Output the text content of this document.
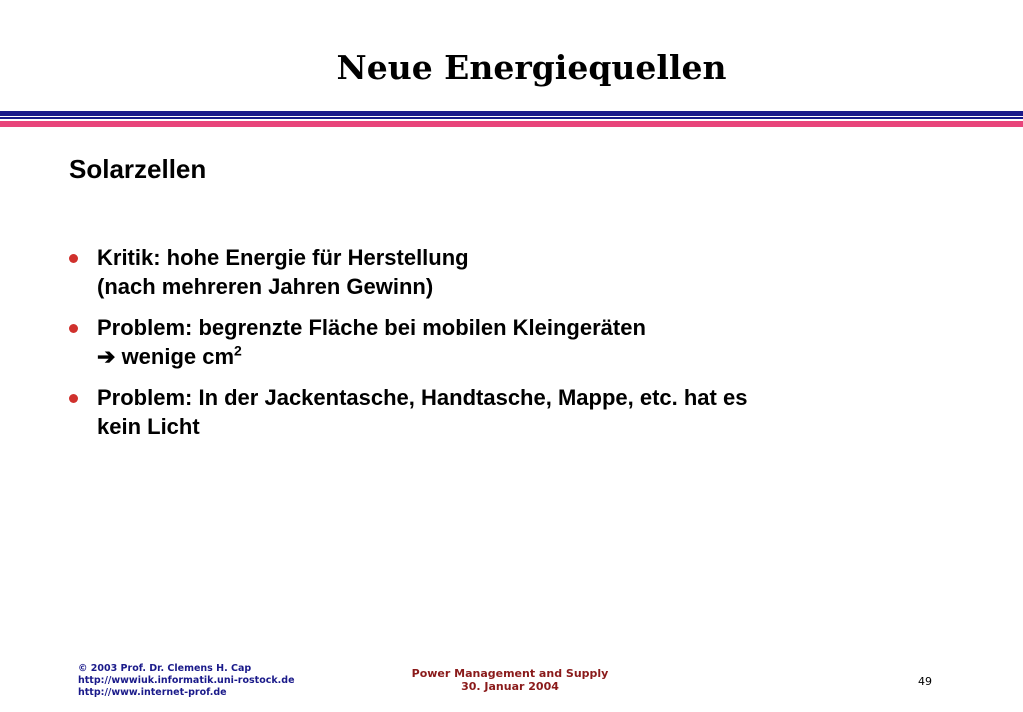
Neue Energiequellen
Solarzellen
Kritik: hohe Energie für Herstellung
(nach mehreren Jahren Gewinn)
Problem: begrenzte Fläche bei mobilen Kleingeräten
➔ wenige $cm^2$
Problem: In der Jackentasche, Handtasche, Mappe, etc. hat es
kein Licht
© 2003 Prof. Dr. Clemens H. Cap
http://wwwiuk.informatik.uni-rostock.de
http://www.internet-prof.de
Power Management and Supply
30. Januar 2004	49
